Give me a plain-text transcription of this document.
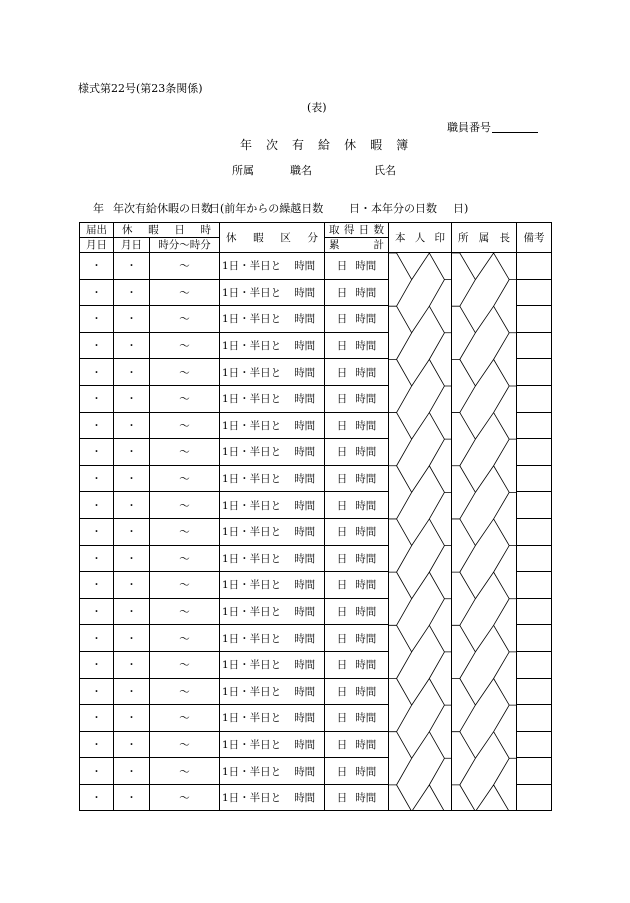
様式第22号(第23条関係)
(表)
職員番号
年 次 有 給 休 暇 簿
所属	職名	氏名
年 年次有給休暇の日数日(前年からの繰越日数 日・本年分の日数 日)
届出	休 暇 日 時		休 暇 区 分	取 得 日 数	本 人 印	所 属 長	備考
月日	月日	時分～時分		累 計			

・	・	～	1日・半日と 時間	日 時間	

・	・	～	1日・半日と 時間	日 時間			
・	・	～	1日・半日と 時間	日 時間			
・	・	～	1日・半日と 時間	日 時間			
・	・	～	1日・半日と 時間	日 時間			
・	・	～	1日・半日と 時間	日 時間			
・	・	～	1日・半日と 時間	日 時間			
・	・	～	1日・半日と 時間	日 時間			
・	・	～	1日・半日と 時間	日 時間			
・	・	～	1日・半日と 時間	日 時間			
・	・	～	1日・半日と 時間	日 時間			
・	・	～	1日・半日と 時間	日 時間			
・	・	～	1日・半日と 時間	日 時間			
・	・	～	1日・半日と 時間	日 時間			
・	・	～	1日・半日と 時間	日 時間			
・	・	～	1日・半日と 時間	日 時間			
・	・	～	1日・半日と 時間	日 時間			
・	・	～	1日・半日と 時間	日 時間			
・	・	～	1日・半日と 時間	日 時間			
・	・	～	1日・半日と 時間	日 時間			
・	・	～	1日・半日と 時間	日 時間			
